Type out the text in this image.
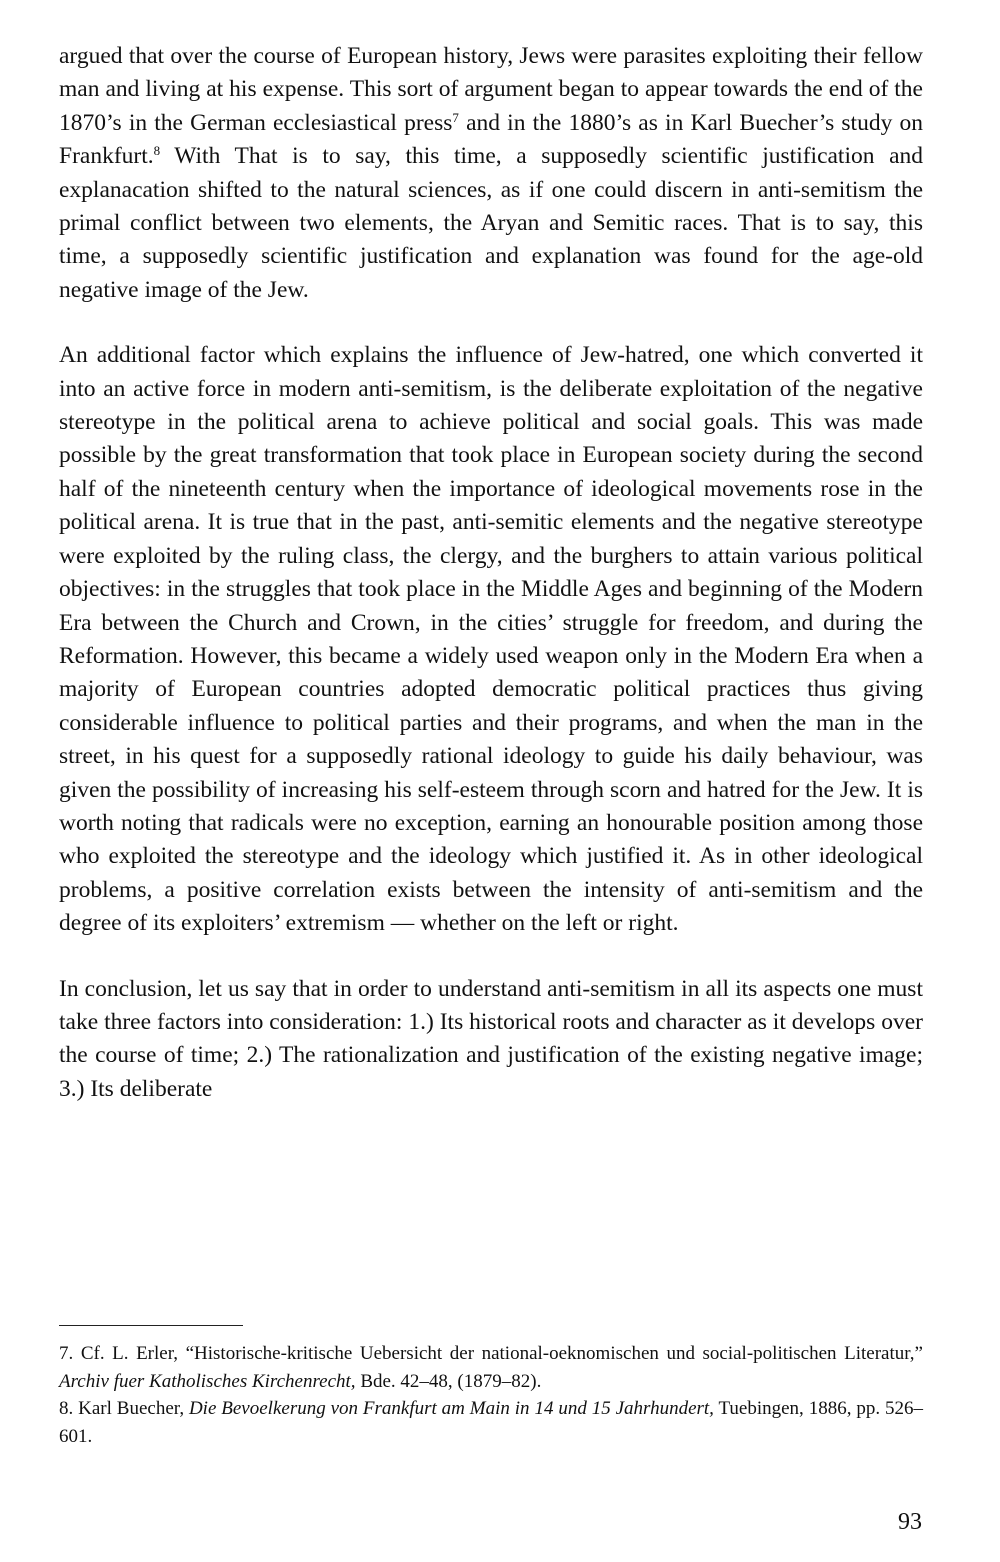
argued that over the course of European history, Jews were parasites exploiting their fellow man and living at his expense. This sort of argument began to appear towards the end of the 1870’s in the German ecclesiastical press$^7$ and in the 1880’s as in Karl Buecher’s study on Frankfurt.$^8$ With That is to say, this time, a supposedly scientific justification and explanacation shifted to the natural sciences, as if one could discern in anti-semitism the primal conflict between two elements, the Aryan and Semitic races. That is to say, this time, a supposedly scientific justification and explanation was found for the age-old negative image of the Jew.

An additional factor which explains the influence of Jew-hatred, one which converted it into an active force in modern anti-semitism, is the deliberate exploitation of the negative stereotype in the political arena to achieve political and social goals. This was made possible by the great transformation that took place in European society during the second half of the nineteenth century when the importance of ideological movements rose in the political arena. It is true that in the past, anti-semitic elements and the negative stereotype were exploited by the ruling class, the clergy, and the burghers to attain various political objectives: in the struggles that took place in the Middle Ages and beginning of the Modern Era between the Church and Crown, in the cities’ struggle for freedom, and during the Reformation. However, this became a widely used weapon only in the Modern Era when a majority of European countries adopted democratic political practices thus giving considerable influence to political parties and their programs, and when the man in the street, in his quest for a supposedly rational ideology to guide his daily behaviour, was given the possibility of increasing his self-esteem through scorn and hatred for the Jew. It is worth noting that radicals were no exception, earning an honourable position among those who exploited the stereotype and the ideology which justified it. As in other ideological problems, a positive correlation exists between the intensity of anti-semitism and the degree of its exploiters’ extremism — whether on the left or right.

In conclusion, let us say that in order to understand anti-semitism in all its aspects one must take three factors into consideration: 1.) Its historical roots and character as it develops over the course of time; 2.) The rationalization and justification of the existing negative image; 3.) Its deliberate

7. Cf. L. Erler, “Historische-kritische Uebersicht der national-oeknomischen und social-politischen Literatur,” Archiv fuer Katholisches Kirchenrecht, Bde. 42–48, (1879–82).

8. Karl Buecher, Die Bevoelkerung von Frankfurt am Main in 14 und 15 Jahrhundert, Tuebingen, 1886, pp. 526–601.

93
